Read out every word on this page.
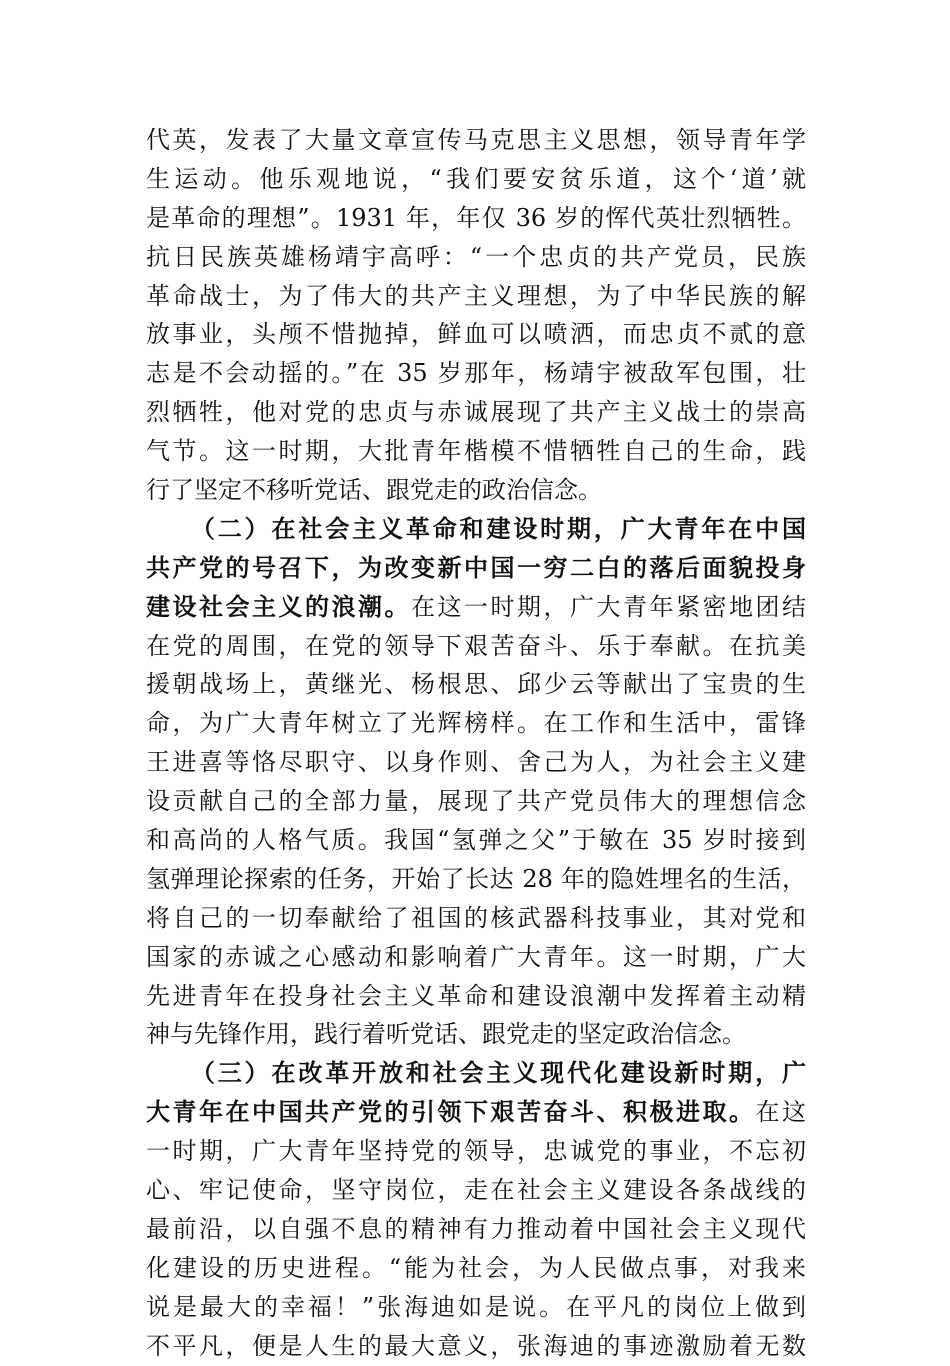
代英，发表了大量文章宣传马克思主义思想，领导青年学
生运动。他乐观地说，“我们要安贫乐道，这个‘道’就
是革命的理想”。1931 年，年仅 36 岁的恽代英壮烈牺牲。
抗日民族英雄杨靖宇高呼：“一个忠贞的共产党员，民族
革命战士，为了伟大的共产主义理想，为了中华民族的解
放事业，头颅不惜抛掉，鲜血可以喷洒，而忠贞不贰的意
志是不会动摇的。”在 35 岁那年，杨靖宇被敌军包围，壮
烈牺牲，他对党的忠贞与赤诚展现了共产主义战士的崇高
气节。这一时期，大批青年楷模不惜牺牲自己的生命，践
行了坚定不移听党话、跟党走的政治信念。
（二）在社会主义革命和建设时期，广大青年在中国
共产党的号召下，为改变新中国一穷二白的落后面貌投身
建设社会主义的浪潮。在这一时期，广大青年紧密地团结
在党的周围，在党的领导下艰苦奋斗、乐于奉献。在抗美
援朝战场上，黄继光、杨根思、邱少云等献出了宝贵的生
命，为广大青年树立了光辉榜样。在工作和生活中，雷锋
王进喜等恪尽职守、以身作则、舍己为人，为社会主义建
设贡献自己的全部力量，展现了共产党员伟大的理想信念
和高尚的人格气质。我国“氢弹之父”于敏在 35 岁时接到
氢弹理论探索的任务，开始了长达 28 年的隐姓埋名的生活，
将自己的一切奉献给了祖国的核武器科技事业，其对党和
国家的赤诚之心感动和影响着广大青年。这一时期，广大
先进青年在投身社会主义革命和建设浪潮中发挥着主动精
神与先锋作用，践行着听党话、跟党走的坚定政治信念。
（三）在改革开放和社会主义现代化建设新时期，广
大青年在中国共产党的引领下艰苦奋斗、积极进取。在这
一时期，广大青年坚持党的领导，忠诚党的事业，不忘初
心、牢记使命，坚守岗位，走在社会主义建设各条战线的
最前沿，以自强不息的精神有力推动着中国社会主义现代
化建设的历史进程。“能为社会，为人民做点事，对我来
说是最大的幸福！”张海迪如是说。在平凡的岗位上做到
不平凡，便是人生的最大意义，张海迪的事迹激励着无数
